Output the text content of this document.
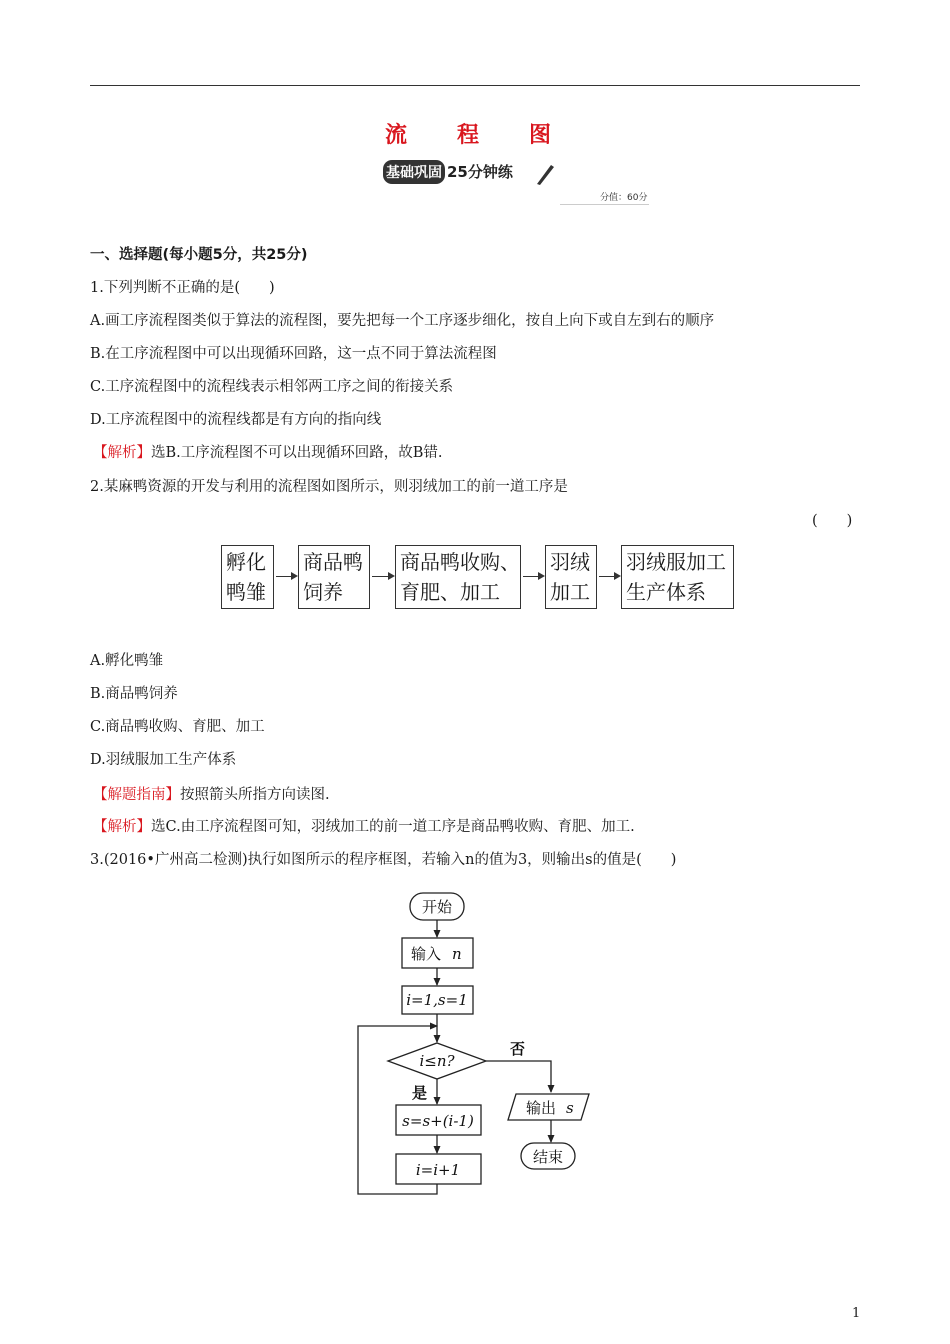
流　程　图
基础巩固 25分钟练
分值：60分
一、选择题(每小题5分，共25分)
1.下列判断不正确的是(　　)
A.画工序流程图类似于算法的流程图，要先把每一个工序逐步细化，按自上向下或自左到右的顺序
B.在工序流程图中可以出现循环回路，这一点不同于算法流程图
C.工序流程图中的流程线表示相邻两工序之间的衔接关系
D.工序流程图中的流程线都是有方向的指向线
【解析】选B.工序流程图不可以出现循环回路，故B错.
2.某麻鸭资源的开发与利用的流程图如图所示，则羽绒加工的前一道工序是
(　　)
孵化
鸭雏
商品鸭
饲养
商品鸭收购、
育肥、加工
羽绒
加工
羽绒服加工
生产体系
A.孵化鸭雏
B.商品鸭饲养
C.商品鸭收购、育肥、加工
D.羽绒服加工生产体系
【解题指南】按照箭头所指方向读图.
【解析】选C.由工序流程图可知，羽绒加工的前一道工序是商品鸭收购、育肥、加工.
3.(2016•广州高二检测)执行如图所示的程序框图，若输入n的值为3，则输出s的值是(　　)
开始
输入 n
i=1,s=1
i≤n?
否
是
输出 s
s=s+(i-1)
i=i+1
结束
1
